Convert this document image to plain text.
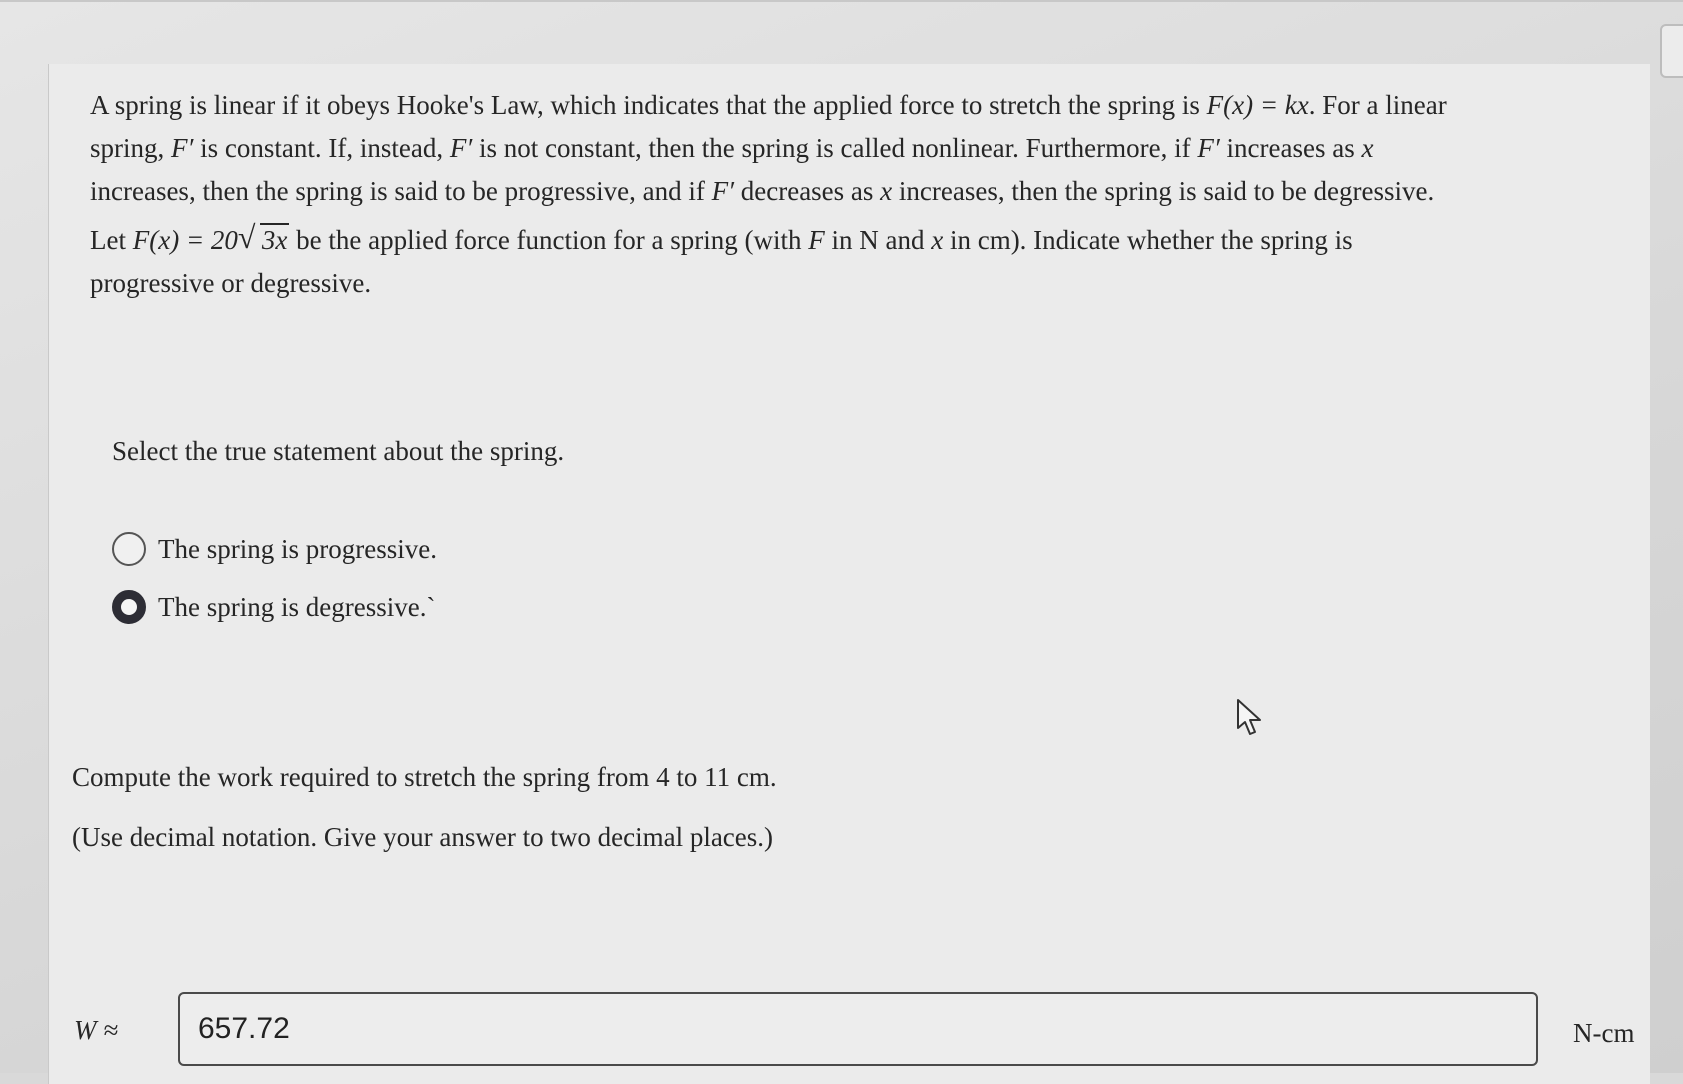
A spring is linear if it obeys Hooke's Law, which indicates that the applied force to stretch the spring is F(x) = kx. For a linear
spring, F′ is constant. If, instead, F′ is not constant, then the spring is called nonlinear. Furthermore, if F′ increases as x
increases, then the spring is said to be progressive, and if F′ decreases as x increases, then the spring is said to be degressive.
Let F(x) = 20 √ 3x be the applied force function for a spring (with F in N and x in cm). Indicate whether the spring is
progressive or degressive.
Select the true statement about the spring.
The spring is progressive.
The spring is degressive.`
Compute the work required to stretch the spring from 4 to 11 cm.
(Use decimal notation. Give your answer to two decimal places.)
W ≈
657.72	N-cm
